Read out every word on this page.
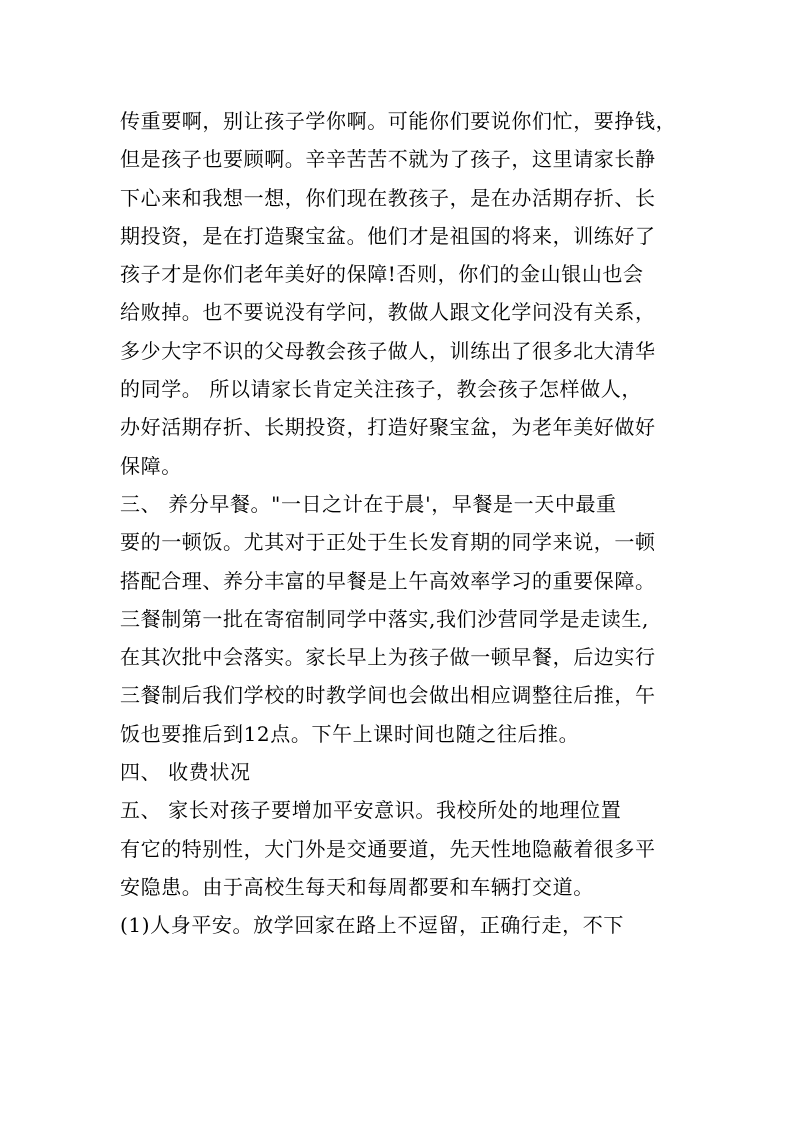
传重要啊，别让孩子学你啊。可能你们要说你们忙，要挣钱，
但是孩子也要顾啊。辛辛苦苦不就为了孩子，这里请家长静
下心来和我想一想，你们现在教孩子，是在办活期存折、长
期投资，是在打造聚宝盆。他们才是祖国的将来，训练好了
孩子才是你们老年美好的保障!否则，你们的金山银山也会
给败掉。也不要说没有学问，教做人跟文化学问没有关系，
多少大字不识的父母教会孩子做人，训练出了很多北大清华
的同学。 所以请家长肯定关注孩子，教会孩子怎样做人，
办好活期存折、长期投资，打造好聚宝盆，为老年美好做好
保障。
三、 养分早餐。"一日之计在于晨'，早餐是一天中最重
要的一顿饭。尤其对于正处于生长发育期的同学来说，一顿
搭配合理、养分丰富的早餐是上午高效率学习的重要保障。
三餐制第一批在寄宿制同学中落实,我们沙营同学是走读生,
在其次批中会落实。家长早上为孩子做一顿早餐，后边实行
三餐制后我们学校的时教学间也会做出相应调整往后推，午
饭也要推后到12点。下午上课时间也随之往后推。
四、 收费状况
五、 家长对孩子要增加平安意识。我校所处的地理位置
有它的特别性，大门外是交通要道，先天性地隐蔽着很多平
安隐患。由于高校生每天和每周都要和车辆打交道。
(1)人身平安。放学回家在路上不逗留，正确行走，不下
